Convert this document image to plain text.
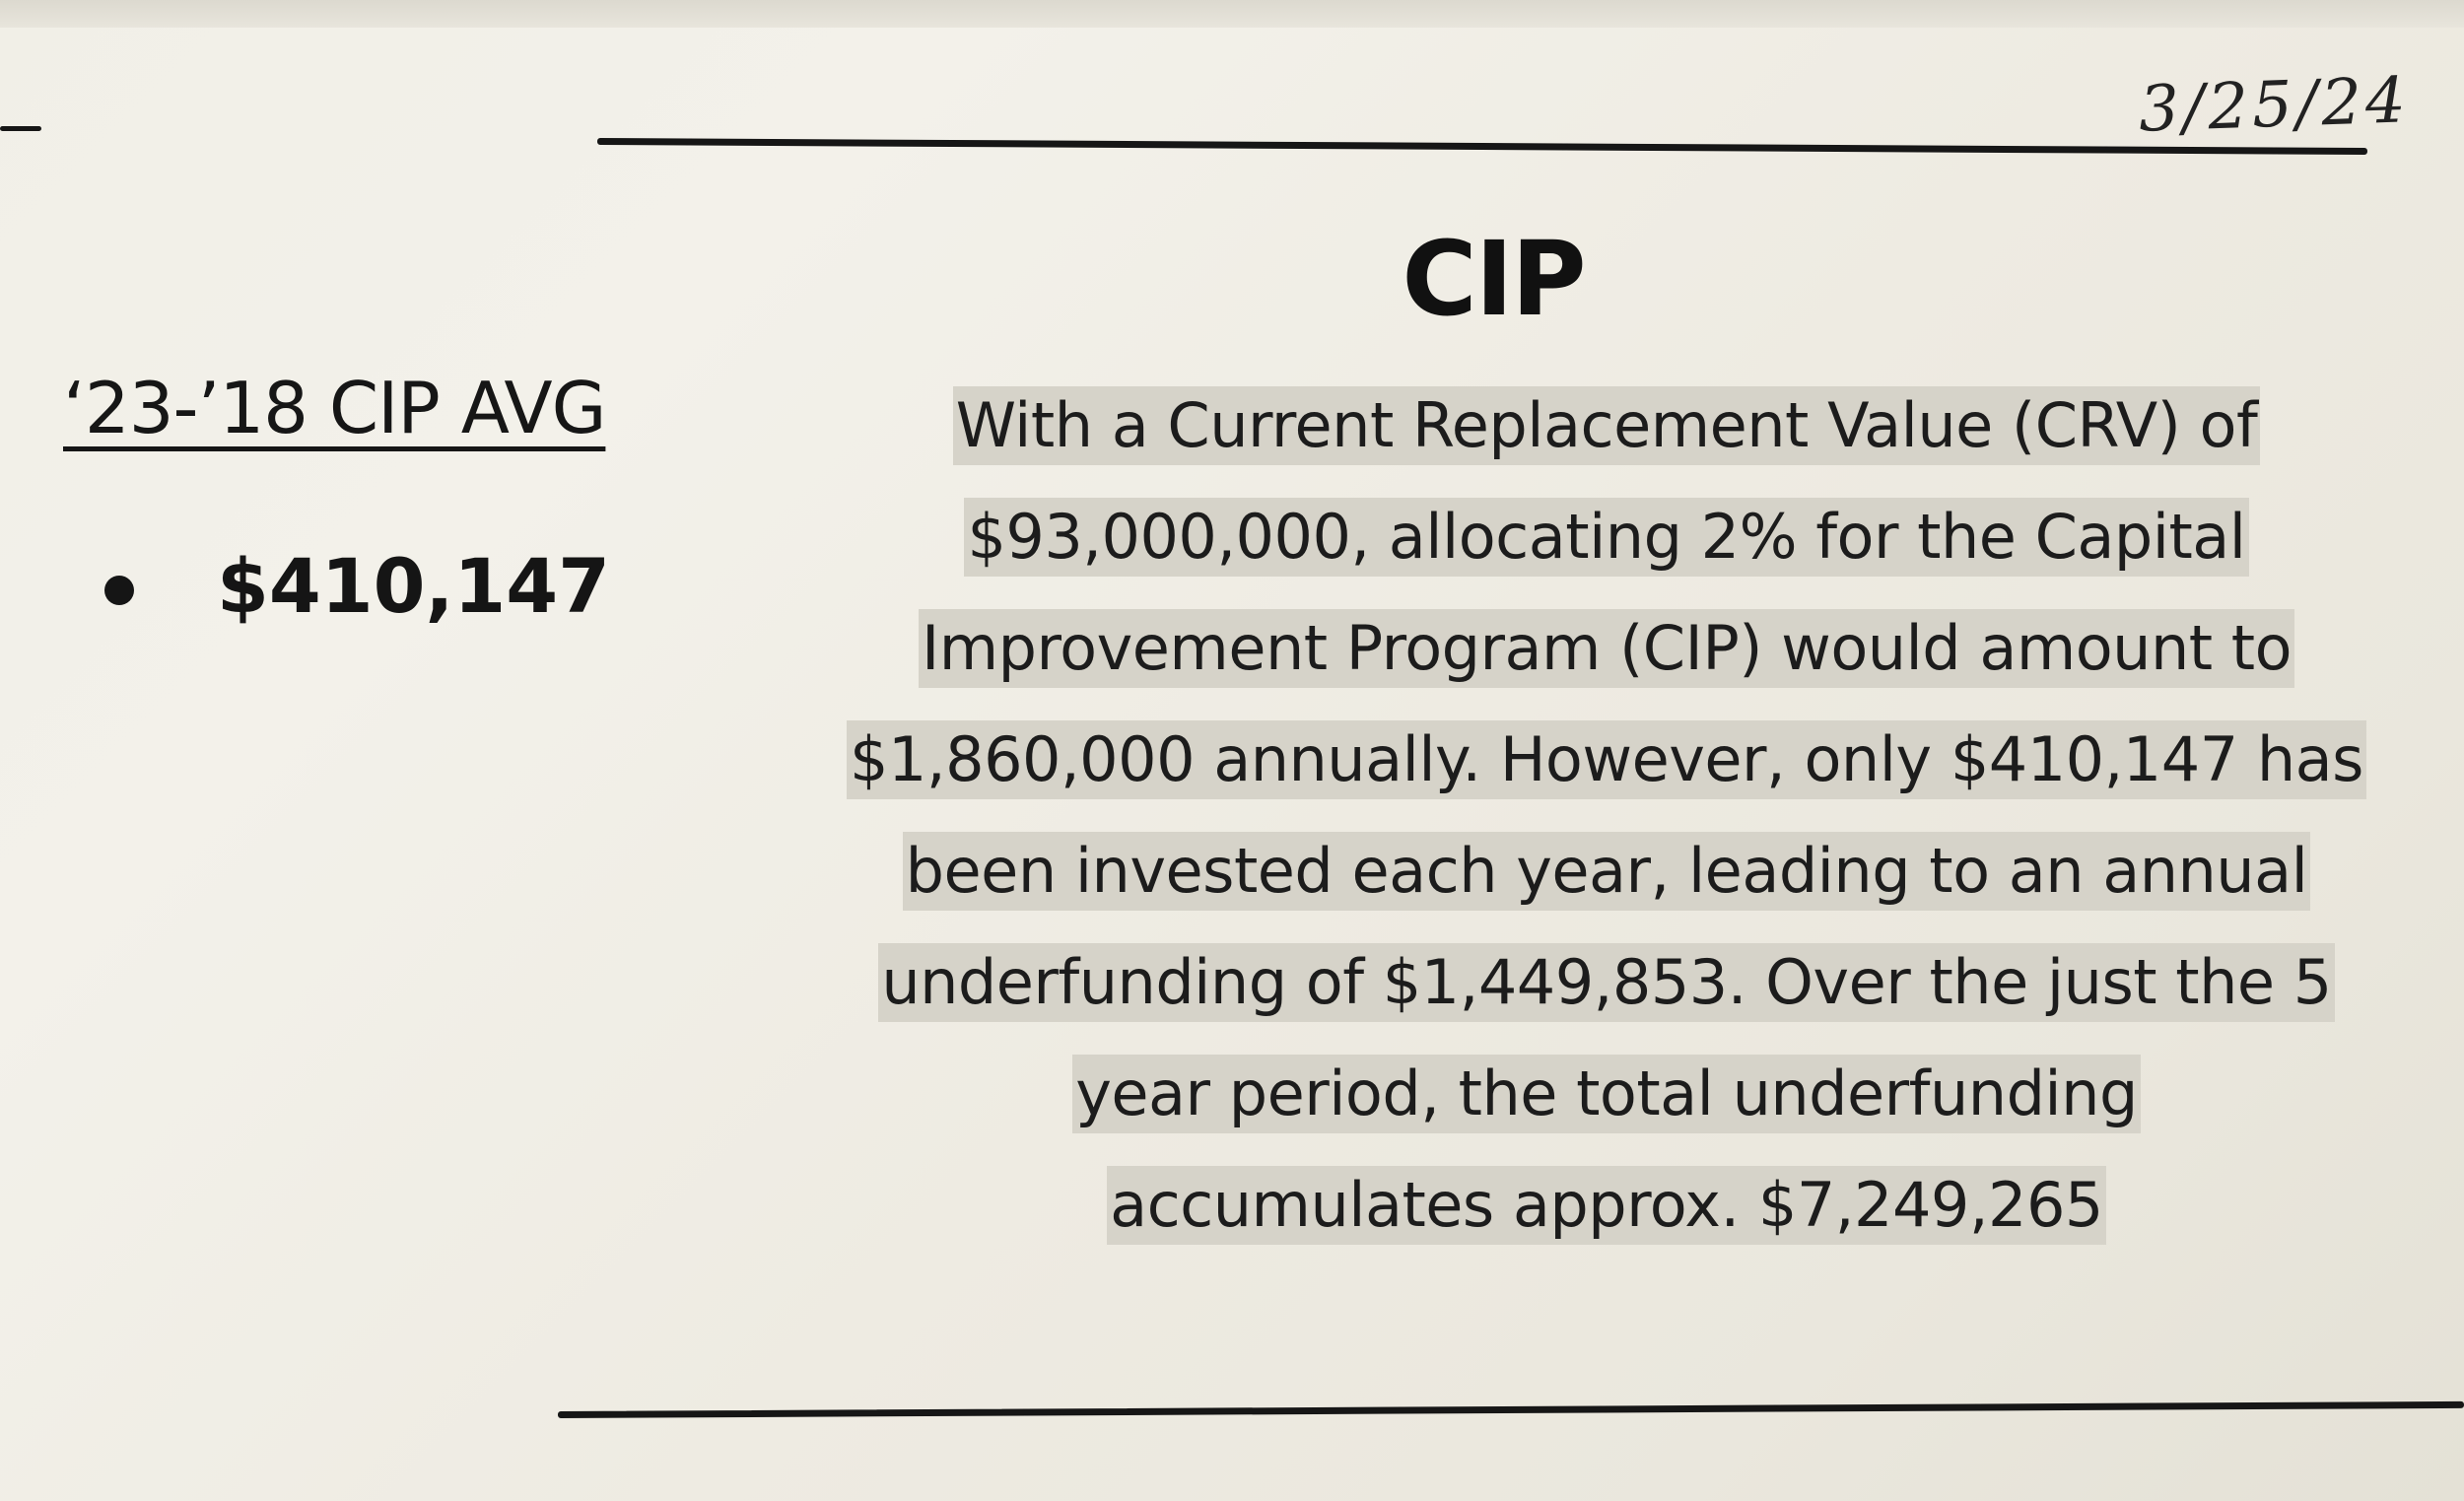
3/25/24
CIP
‘23-’18 CIP AVG
$410,147
With a Current Replacement Value (CRV) of
$93,000,000, allocating 2% for the Capital
Improvement Program (CIP) would amount to
$1,860,000 annually. However, only $410,147 has
been invested each year, leading to an annual
underfunding of $1,449,853. Over the just the 5
year period, the total underfunding
accumulates approx. $7,249,265
